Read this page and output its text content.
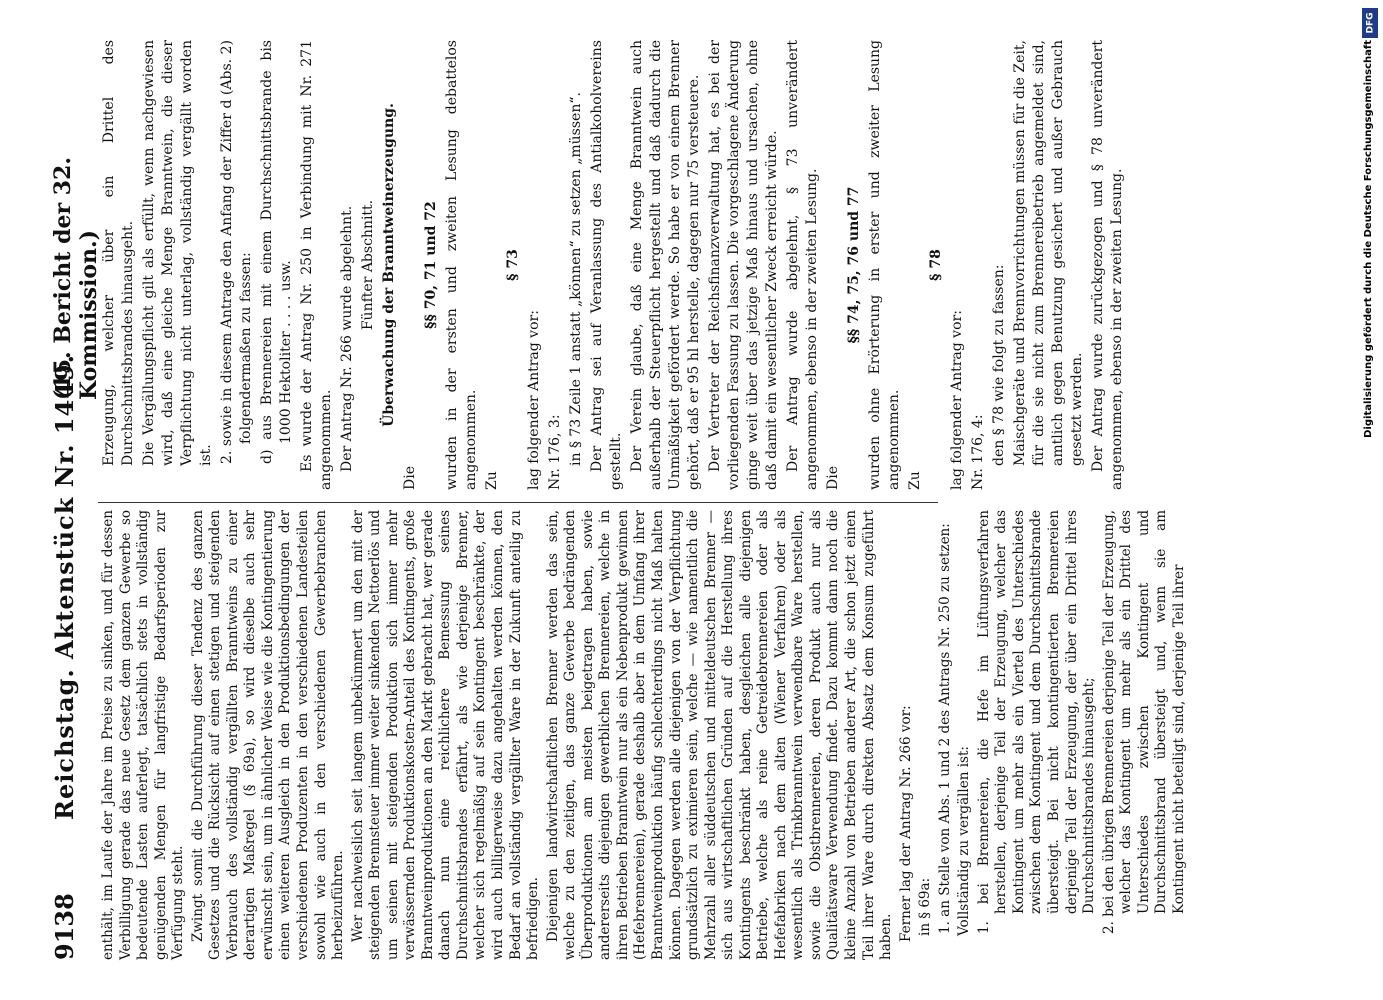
9138
Reichstag. Aktenstück Nr. 1449.
(15. Bericht der 32. Kommission.)

enthält, im Laufe der Jahre im Preise zu sinken, und für dessen Verbilligung gerade das neue Gesetz dem ganzen Gewerbe so bedeutende Lasten auferlegt, tatsächlich stets in vollständig genügenden Mengen für langfristige Bedarfsperioden zur Verfügung steht. Zwingt somit die Durchführung dieser Tendenz des ganzen Gesetzes und die Rücksicht auf einen stetigen und steigenden Verbrauch des vollständig vergällten Branntweins zu einer derartigen Maßregel (§ 69a), so wird dieselbe auch sehr erwünscht sein, um in ähnlicher Weise wie die Kontingentierung einen weiteren Ausgleich in den Produktionsbedingungen der verschiedenen Produzenten in den verschiedenen Landesteilen sowohl wie auch in den verschiedenen Gewerbebranchen herbeizuführen. Wer nachweislich seit langem unbekümmert um den mit der steigenden Brennsteuer immer weiter sinkenden Nettoerlös und um seinen mit steigenden Produktion sich immer mehr verwässernden Produktionskosten-Anteil des Kontingents, große Branntweinproduktionen an den Markt gebracht hat, wer gerade danach nun eine reichlichere Bemessung seines Durchschnittsbrandes erfährt, als wie derjenige Brenner, welcher sich regelmäßig auf sein Kontingent beschränkte, der wird auch billigerweise dazu angehalten werden können, den Bedarf an vollständig vergällter Ware in der Zukunft anteilig zu befriedigen. Diejenigen landwirtschaftlichen Brenner werden das sein, welche zu den zeitigen, das ganze Gewerbe bedrängenden Überproduktionen am meisten beigetragen haben, sowie andererseits diejenigen gewerblichen Brennereien, welche in ihren Betrieben Branntwein nur als ein Nebenprodukt gewinnen (Hefebrennereien), gerade deshalb aber in dem Umfang ihrer Branntweinproduktion häufig schlechterdings nicht Maß halten können. Dagegen werden alle diejenigen von der Verpflichtung grundsätzlich zu eximieren sein, welche — wie namentlich die Mehrzahl aller süddeutschen und mitteldeutschen Brenner — sich aus wirtschaftlichen Gründen auf die Herstellung ihres Kontingents beschränkt haben, desgleichen alle diejenigen Betriebe, welche als reine Getreidebrennereien oder als Hefefabriken nach dem alten (Wiener Verfahren) oder als wesentlich als Trinkbranntwein verwendbare Ware herstellen, sowie die Obstbrennereien, deren Produkt auch nur als Qualitätsware Verwendung findet. Dazu kommt dann noch die kleine Anzahl von Betrieben anderer Art, die schon jetzt einen Teil ihrer Ware durch direkten Absatz dem Konsum zugeführt haben. Ferner lag der Antrag Nr. 266 vor: in § 69a: 1. an Stelle von Abs. 1 und 2 des Antrags Nr. 250 zu setzen: Vollständig zu vergällen ist: 1. bei Brennereien, die Hefe im Lüftungsverfahren herstellen, derjenige Teil der Erzeugung, welcher das Kontingent um mehr als ein Viertel des Unterschiedes zwischen dem Kontingent und dem Durchschnittsbrande übersteigt. Bei nicht kontingentierten Brennereien derjenige Teil der Erzeugung, der über ein Drittel ihres Durchschnittsbrandes hinausgeht; 2. bei den übrigen Brennereien derjenige Teil der Erzeugung, welcher das Kontingent um mehr als ein Drittel des Unterschiedes zwischen Kontingent und Durchschnittsbrand übersteigt und, wenn sie am Kontingent nicht beteiligt sind, derjenige Teil ihrer

Erzeugung, welcher über ein Drittel des Durchschnittsbrandes hinausgeht. Die Vergällungspflicht gilt als erfüllt, wenn nachgewiesen wird, daß eine gleiche Menge Branntwein, die dieser Verpflichtung nicht unterlag, vollständig vergällt worden ist. 2. sowie in diesem Antrage den Anfang der Ziffer d (Abs. 2) folgendermaßen zu fassen: d) aus Brennereien mit einem Durchschnittsbrande bis 1000 Hektoliter . . . . usw. Es wurde der Antrag Nr. 250 in Verbindung mit Nr. 271 angenommen. Der Antrag Nr. 266 wurde abgelehnt. Fünfter Abschnitt. Überwachung der Branntweinerzeugung.

Die

§§ 70, 71 und 72 wurden in der ersten und zweiten Lesung debattelos angenommen. Zu

§ 73

lag folgender Antrag vor: Nr. 176, 3: in § 73 Zeile 1 anstatt „können“ zu setzen „müssen“. Der Antrag sei auf Veranlassung des Antialkoholvereins gestellt. Der Verein glaube, daß eine Menge Branntwein auch außerhalb der Steuerpflicht hergestellt und daß dadurch die Unmäßigkeit gefördert werde. So habe er von einem Brenner gehört, daß er 95 hl herstelle, dagegen nur 75 versteuere. Der Vertreter der Reichsfinanzverwaltung hat, es bei der vorliegenden Fassung zu lassen. Die vorgeschlagene Änderung ginge weit über das jetzige Maß hinaus und ursachen, ohne daß damit ein wesentlicher Zweck erreicht würde. Der Antrag wurde abgelehnt, § 73 unverändert angenommen, ebenso in der zweiten Lesung. Die

§§ 74, 75, 76 und 77 wurden ohne Erörterung in erster und zweiter Lesung angenommen. Zu

§ 78

lag folgender Antrag vor: Nr. 176, 4: den § 78 wie folgt zu fassen: Maischgeräte und Brennvorrichtungen müssen für die Zeit, für die sie nicht zum Brennereibetrieb angemeldet sind, amtlich gegen Benutzung gesichert und außer Gebrauch gesetzt werden. Der Antrag wurde zurückgezogen und § 78 unverändert angenommen, ebenso in der zweiten Lesung.

DFG
Digitalisierung gefördert durch die Deutsche Forschungsgemeinschaft
